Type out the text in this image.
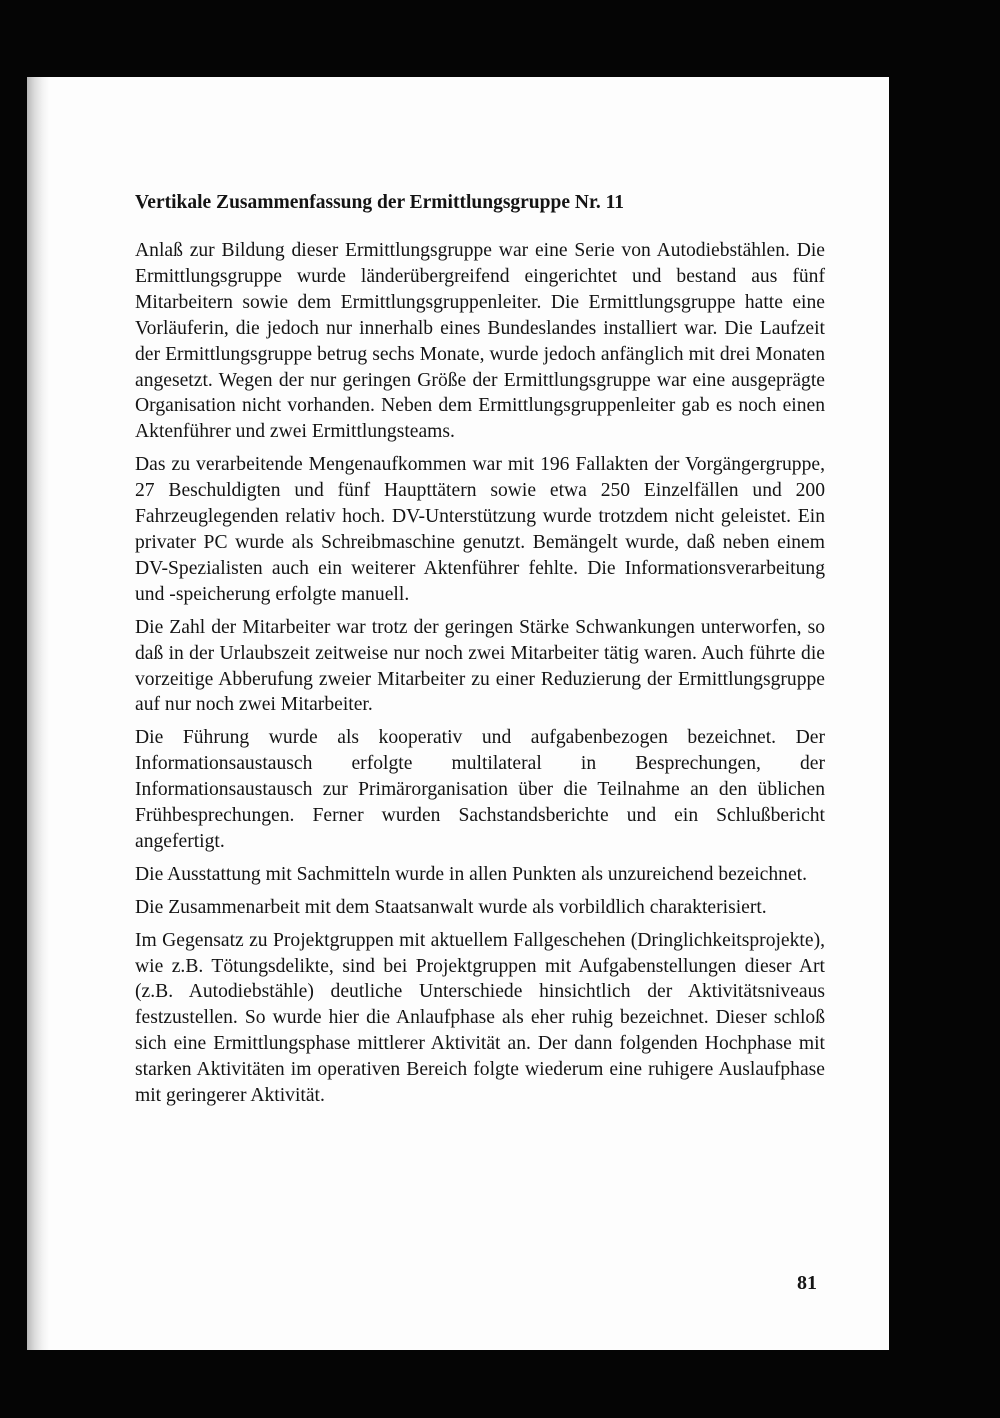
Vertikale Zusammenfassung der Ermittlungsgruppe Nr. 11

Anlaß zur Bildung dieser Ermittlungsgruppe war eine Serie von Autodiebstählen. Die Ermittlungsgruppe wurde länderübergreifend eingerichtet und bestand aus fünf Mitarbeitern sowie dem Ermittlungsgruppenleiter. Die Ermittlungsgruppe hatte eine Vorläuferin, die jedoch nur innerhalb eines Bundeslandes installiert war. Die Laufzeit der Ermittlungsgruppe betrug sechs Monate, wurde jedoch anfänglich mit drei Monaten angesetzt. Wegen der nur geringen Größe der Ermittlungsgruppe war eine ausgeprägte Organisation nicht vorhanden. Neben dem Ermittlungsgruppenleiter gab es noch einen Aktenführer und zwei Ermittlungsteams.

Das zu verarbeitende Mengenaufkommen war mit 196 Fallakten der Vorgängergruppe, 27 Beschuldigten und fünf Haupttätern sowie etwa 250 Einzelfällen und 200 Fahrzeuglegenden relativ hoch. DV-Unterstützung wurde trotzdem nicht geleistet. Ein privater PC wurde als Schreibmaschine genutzt. Bemängelt wurde, daß neben einem DV-Spezialisten auch ein weiterer Aktenführer fehlte. Die Informationsverarbeitung und -speicherung erfolgte manuell.

Die Zahl der Mitarbeiter war trotz der geringen Stärke Schwankungen unterworfen, so daß in der Urlaubszeit zeitweise nur noch zwei Mitarbeiter tätig waren. Auch führte die vorzeitige Abberufung zweier Mitarbeiter zu einer Reduzierung der Ermittlungsgruppe auf nur noch zwei Mitarbeiter.

Die Führung wurde als kooperativ und aufgabenbezogen bezeichnet. Der Informationsaustausch erfolgte multilateral in Besprechungen, der Informationsaustausch zur Primärorganisation über die Teilnahme an den üblichen Frühbesprechungen. Ferner wurden Sachstandsberichte und ein Schlußbericht angefertigt.

Die Ausstattung mit Sachmitteln wurde in allen Punkten als unzureichend bezeichnet.

Die Zusammenarbeit mit dem Staatsanwalt wurde als vorbildlich charakterisiert.

Im Gegensatz zu Projektgruppen mit aktuellem Fallgeschehen (Dringlichkeitsprojekte), wie z.B. Tötungsdelikte, sind bei Projektgruppen mit Aufgabenstellungen dieser Art (z.B. Autodiebstähle) deutliche Unterschiede hinsichtlich der Aktivitätsniveaus festzustellen. So wurde hier die Anlaufphase als eher ruhig bezeichnet. Dieser schloß sich eine Ermittlungsphase mittlerer Aktivität an. Der dann folgenden Hochphase mit starken Aktivitäten im operativen Bereich folgte wiederum eine ruhigere Auslaufphase mit geringerer Aktivität.

81
